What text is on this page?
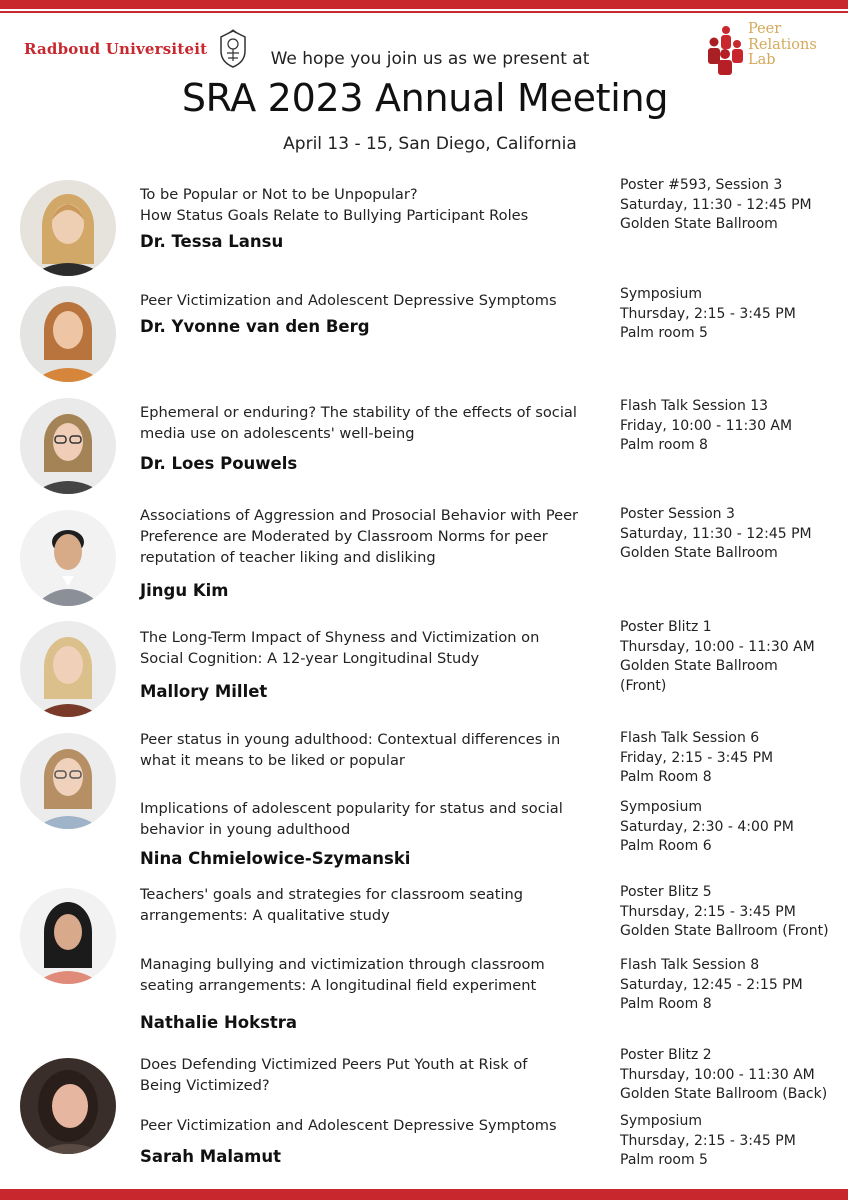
Radboud Universiteit
Peer
Relations
Lab
We hope you join us as we present at
SRA 2023 Annual Meeting
April 13 - 15, San Diego, California
To be Popular or Not to be Unpopular?
How Status Goals Relate to Bullying Participant Roles
Dr. Tessa Lansu
Poster #593, Session 3
Saturday, 11:30 - 12:45 PM
Golden State Ballroom
Peer Victimization and Adolescent Depressive Symptoms
Dr. Yvonne van den Berg
Symposium
Thursday, 2:15 - 3:45 PM
Palm room 5
Ephemeral or enduring? The stability of the effects of social
media use on adolescents' well-being
Dr. Loes Pouwels
Flash Talk Session 13
Friday, 10:00 - 11:30 AM
Palm room 8
Associations of Aggression and Prosocial Behavior with Peer
Preference are Moderated by Classroom Norms for peer
reputation of teacher liking and disliking
Jingu Kim
Poster Session 3
Saturday, 11:30 - 12:45 PM
Golden State Ballroom
The Long-Term Impact of Shyness and Victimization on
Social Cognition: A 12-year Longitudinal Study
Mallory Millet
Poster Blitz 1
Thursday, 10:00 - 11:30 AM
Golden State Ballroom
(Front)
Peer status in young adulthood: Contextual differences in
what it means to be liked or popular
Flash Talk Session 6
Friday, 2:15 - 3:45 PM
Palm Room 8
Implications of adolescent popularity for status and social
behavior in young adulthood
Symposium
Saturday, 2:30 - 4:00 PM
Palm Room 6
Nina Chmielowice-Szymanski
Teachers' goals and strategies for classroom seating
arrangements: A qualitative study
Poster Blitz 5
Thursday, 2:15 - 3:45 PM
Golden State Ballroom (Front)
Managing bullying and victimization through classroom
seating arrangements: A longitudinal field experiment
Flash Talk Session 8
Saturday, 12:45 - 2:15 PM
Palm Room 8
Nathalie Hokstra
Does Defending Victimized Peers Put Youth at Risk of
Being Victimized?
Poster Blitz 2
Thursday, 10:00 - 11:30 AM
Golden State Ballroom (Back)
Peer Victimization and Adolescent Depressive Symptoms	Symposium
Thursday, 2:15 - 3:45 PM
Palm room 5
Sarah Malamut
